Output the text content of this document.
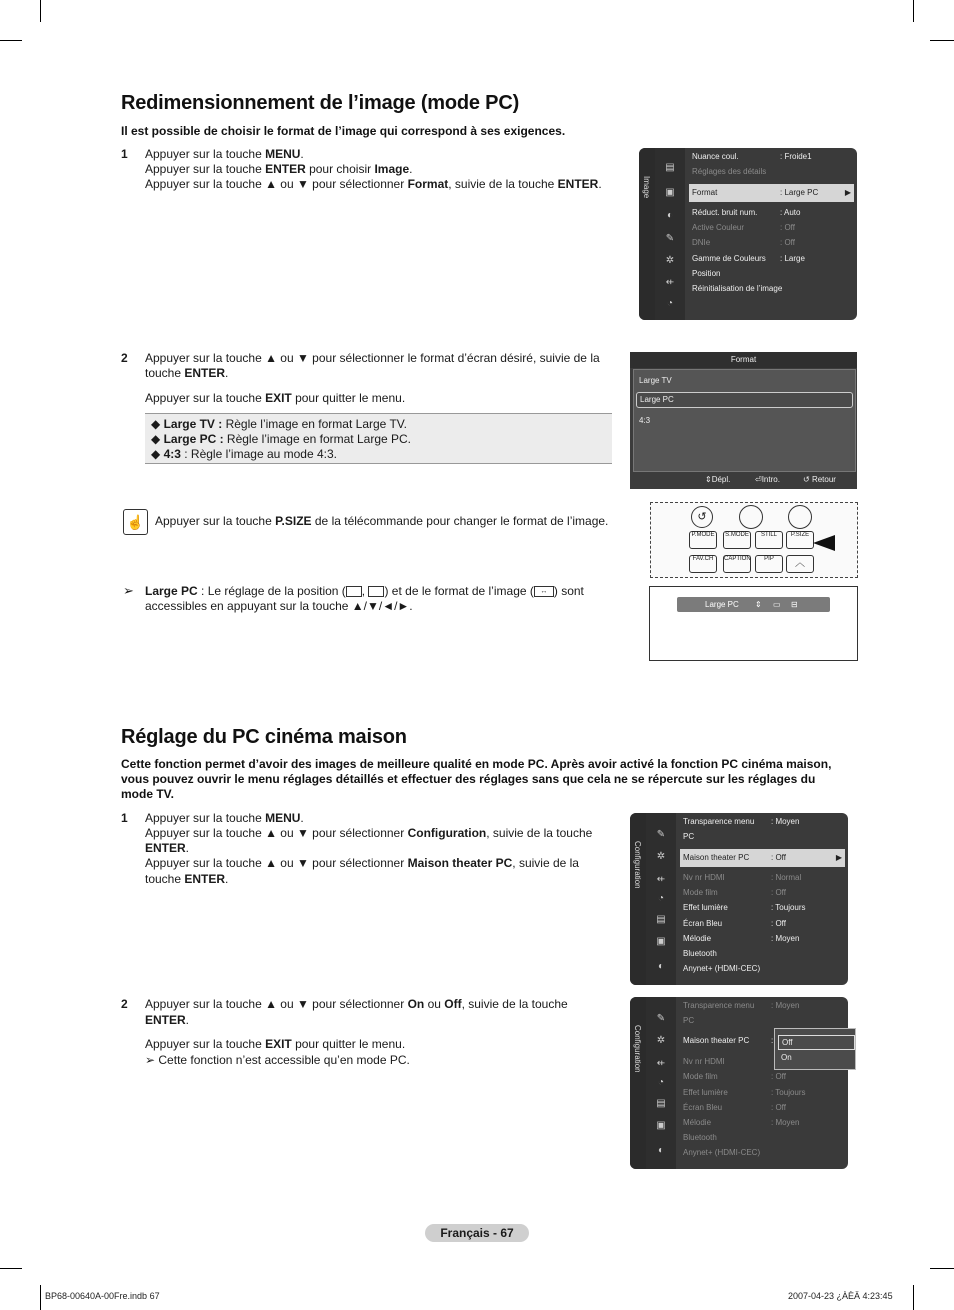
Redimensionnement de l’image (mode PC)
Il est possible de choisir le format de l’image qui correspond à ses exigences.
1 Appuyer sur la touche MENU.
Appuyer sur la touche ENTER pour choisir Image.
Appuyer sur la touche ▲ ou ▼ pour sélectionner Format, suivie de la touche ENTER.	Image
▤
▣
◐
✎
✲
⇷
◔
Nuance coul.	: Froide1
Réglages des détails
▶
Format	: Large PC
Réduct. bruit num.	: Auto
Active Couleur	: Off
DNIe	: Off
Gamme de Couleurs : Large
Position
Réinitialisation de l’image
2 Appuyer sur la touche ▲ ou ▼ pour sélectionner le format d’écran désiré, suivie de la
touche ENTER.
Appuyer sur la touche EXIT pour quitter le menu.
◆ Large TV : Règle l’image en format Large TV.
◆ Large PC : Règle l’image en format Large PC.
◆ 4:3 : Règle l’image au mode 4:3.
Format
Large TV
Large PC
4:3
⇕Dépl.	⏎Intro.	↺ Retour
☝ Appuyer sur la touche P.SIZE de la télécommande pour changer le format de l’image.	↺
P.MODE	S.MODE	STILL	P.SIZE
FAV.CH	CAPTION	PIP	︿
➢ Large PC : Le réglage de la position ( , ) et de le format de l’image ( ↔ ) sont
accessibles en appuyant sur la touche ▲/▼/◄/►.	Large PC ⇕ ▭ ⊟
Réglage du PC cinéma maison
Cette fonction permet d’avoir des images de meilleure qualité en mode PC. Après avoir activé la fonction PC cinéma maison,
vous pouvez ouvrir le menu réglages détaillés et effectuer des réglages sans que cela ne se répercute sur les réglages du
mode TV.
1 Appuyer sur la touche MENU.
Appuyer sur la touche ▲ ou ▼ pour sélectionner Configuration, suivie de la touche
ENTER.
Appuyer sur la touche ▲ ou ▼ pour sélectionner Maison theater PC, suivie de la
touche ENTER.	Configuration
✎
✲
⇷
◔
▤
▣
◐
Transparence menu : Moyen
PC
▶
Maison theater PC	: Off
Nv nr HDMI	: Normal
Mode film	: Off
Effet lumière	: Toujours
Écran Bleu	: Off
Mélodie	: Moyen
Bluetooth
Anynet+ (HDMI-CEC)
2 Appuyer sur la touche ▲ ou ▼ pour sélectionner On ou Off, suivie de la touche
ENTER.
Appuyer sur la touche EXIT pour quitter le menu.
➢ Cette fonction n’est accessible qu’en mode PC.	Configuration
✎
✲
⇷
◔
▤
▣
◐
Transparence menu : Moyen
PC
Maison theater PC	:
Nv nr HDMI
Mode film	: Off
Effet lumière	: Toujours
Écran Bleu	: Off
Mélodie	: Moyen
Bluetooth
Anynet+ (HDMI-CEC)
Off
On
Français - 67
BP68-00640A-00Fre.indb 67	2007-04-23 ¿ÀÈÄ 4:23:45
